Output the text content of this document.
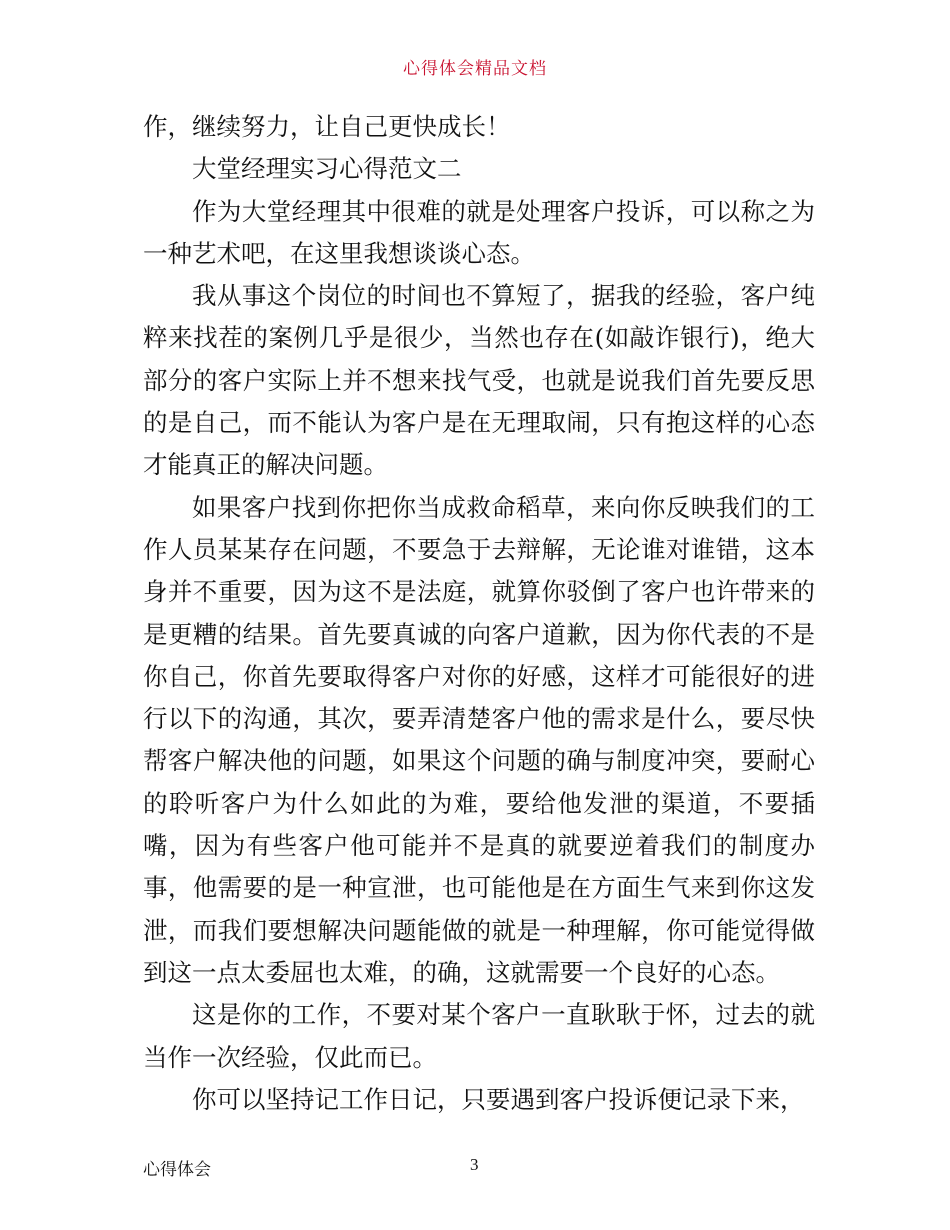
心得体会精品文档

作，继续努力，让自己更快成长！

大堂经理实习心得范文二

作为大堂经理其中很难的就是处理客户投诉，可以称之为一种艺术吧，在这里我想谈谈心态。

我从事这个岗位的时间也不算短了，据我的经验，客户纯粹来找茬的案例几乎是很少，当然也存在(如敲诈银行)，绝大部分的客户实际上并不想来找气受，也就是说我们首先要反思的是自己，而不能认为客户是在无理取闹，只有抱这样的心态才能真正的解决问题。

如果客户找到你把你当成救命稻草，来向你反映我们的工作人员某某存在问题，不要急于去辩解，无论谁对谁错，这本身并不重要，因为这不是法庭，就算你驳倒了客户也许带来的是更糟的结果。首先要真诚的向客户道歉，因为你代表的不是你自己，你首先要取得客户对你的好感，这样才可能很好的进行以下的沟通，其次，要弄清楚客户他的需求是什么，要尽快帮客户解决他的问题，如果这个问题的确与制度冲突，要耐心的聆听客户为什么如此的为难，要给他发泄的渠道，不要插嘴，因为有些客户他可能并不是真的就要逆着我们的制度办事，他需要的是一种宣泄，也可能他是在方面生气来到你这发泄，而我们要想解决问题能做的就是一种理解，你可能觉得做到这一点太委屈也太难，的确，这就需要一个良好的心态。

这是你的工作，不要对某个客户一直耿耿于怀，过去的就当作一次经验，仅此而已。

你可以坚持记工作日记，只要遇到客户投诉便记录下来，

心得体会	3
